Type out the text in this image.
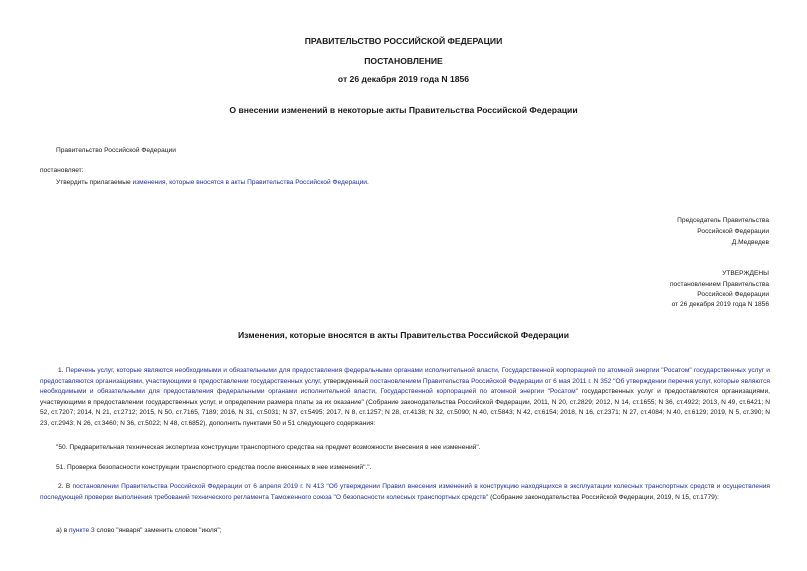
ПРАВИТЕЛЬСТВО РОССИЙСКОЙ ФЕДЕРАЦИИ
ПОСТАНОВЛЕНИЕ
от 26 декабря 2019 года N 1856
О внесении изменений в некоторые акты Правительства Российской Федерации
Правительство Российской Федерации
постановляет:
Утвердить прилагаемые изменения, которые вносятся в акты Правительства Российской Федерации.
Председатель Правительства
Российской Федерации
Д.Медведев
УТВЕРЖДЕНЫ
постановлением Правительства
Российской Федерации
от 26 декабря 2019 года N 1856
Изменения, которые вносятся в акты Правительства Российской Федерации

1. Перечень услуг, которые являются необходимыми и обязательными для предоставления федеральными органами исполнительной власти, Государственной корпорацией по атомной энергии "Росатом" государственных услуг и предоставляются организациями, участвующими в предоставлении государственных услуг, утвержденный постановлением Правительства Российской Федерации от 6 мая 2011 г. N 352 "Об утверждении перечня услуг, которые являются необходимыми и обязательными для предоставления федеральными органами исполнительной власти, Государственной корпорацией по атомной энергии "Росатом" государственных услуг и предоставляются организациями, участвующими в предоставлении государственных услуг, и определении размера платы за их оказание" (Собрание законодательства Российской Федерации, 2011, N 20, ст.2829; 2012, N 14, ст.1655; N 36, ст.4922; 2013, N 49, ст.6421; N 52, ст.7207; 2014, N 21, ст.2712; 2015, N 50, ст.7165, 7189; 2016, N 31, ст.5031; N 37, ст.5495; 2017, N 8, ст.1257; N 28, ст.4138; N 32, ст.5090; N 40, ст.5843; N 42, ст.6154; 2018, N 16, ст.2371; N 27, ст.4084; N 40, ст.6129; 2019, N 5, ст.390; N 23, ст.2943; N 26, ст.3460; N 36, ст.5022; N 48, ст.6852), дополнить пунктами 50 и 51 следующего содержания:

"50. Предварительная техническая экспертиза конструкции транспортного средства на предмет возможности внесения в нее изменений".
51. Проверка безопасности конструкции транспортного средства после внесенных в нее изменений".".

2. В постановлении Правительства Российской Федерации от 6 апреля 2019 г. N 413 "Об утверждении Правил внесения изменений в конструкцию находящихся в эксплуатации колесных транспортных средств и осуществления последующей проверки выполнения требований технического регламента Таможенного союза "О безопасности колесных транспортных средств" (Собрание законодательства Российской Федерации, 2019, N 15, ст.1779):

а) в пункте 3 слово "января" заменить словом "июля";
